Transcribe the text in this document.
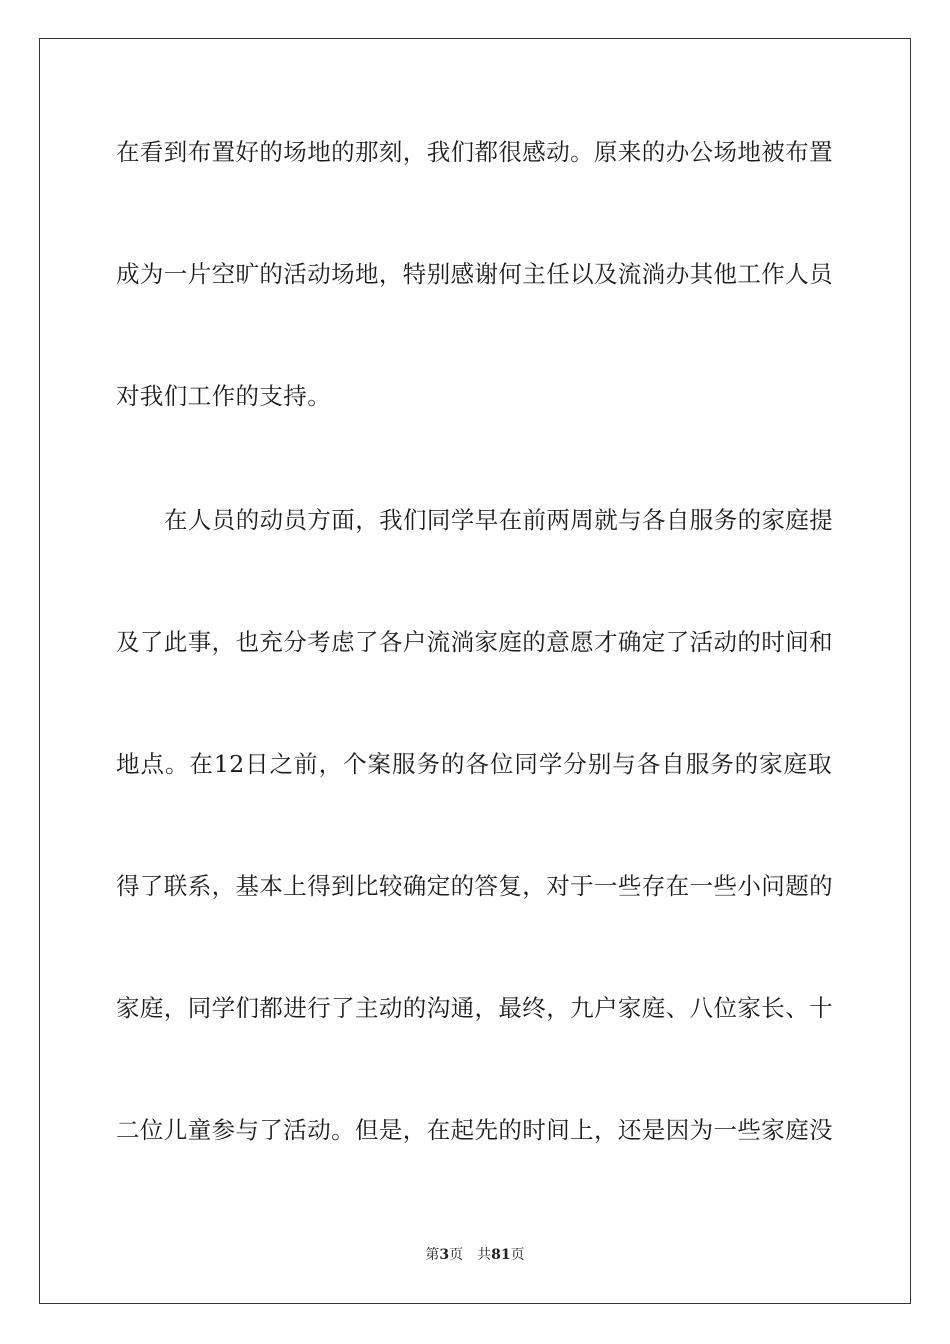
在看到布置好的场地的那刻，我们都很感动。原来的办公场地被布置
成为一片空旷的活动场地，特别感谢何主任以及流淌办其他工作人员
对我们工作的支持。
在人员的动员方面，我们同学早在前两周就与各自服务的家庭提
及了此事，也充分考虑了各户流淌家庭的意愿才确定了活动的时间和
地点。在12日之前，个案服务的各位同学分别与各自服务的家庭取
得了联系，基本上得到比较确定的答复，对于一些存在一些小问题的
家庭，同学们都进行了主动的沟通，最终，九户家庭、八位家长、十
二位儿童参与了活动。但是，在起先的时间上，还是因为一些家庭没
第3页 共81页
